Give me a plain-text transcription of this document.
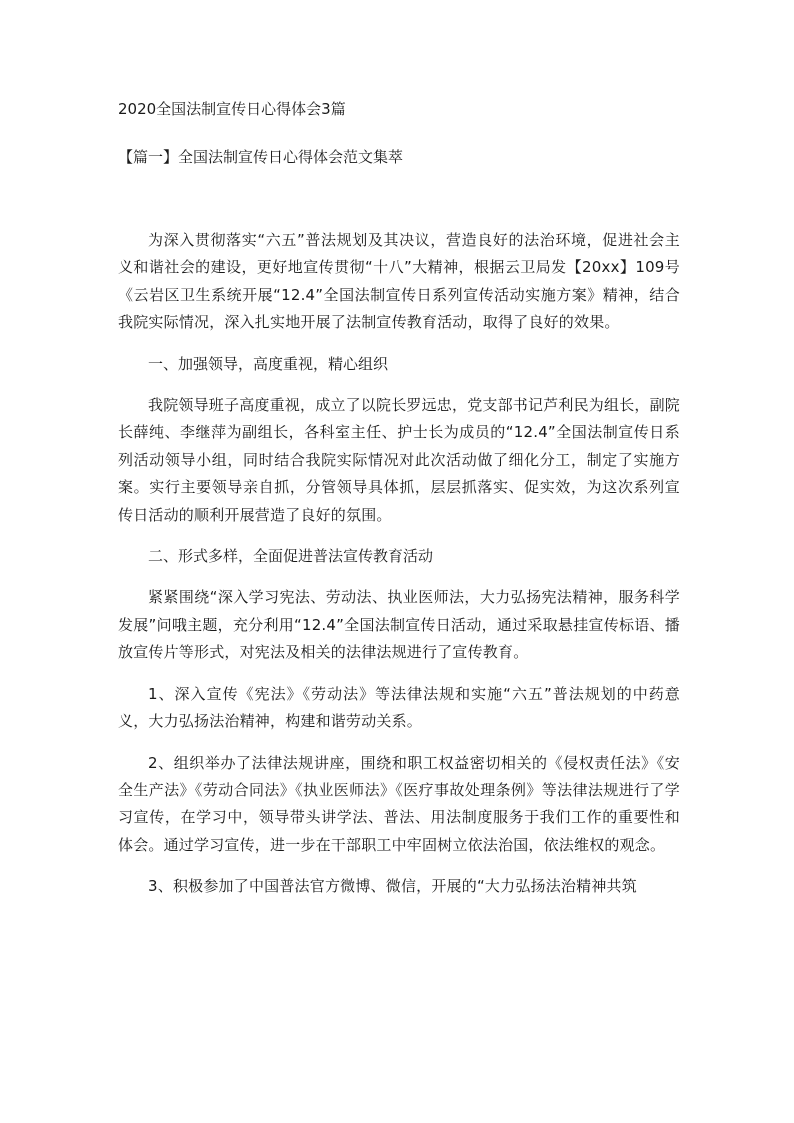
2020全国法制宣传日心得体会3篇

【篇一】全国法制宣传日心得体会范文集萃

为深入贯彻落实“六五”普法规划及其决议，营造良好的法治环境，促进社会主义和谐社会的建设，更好地宣传贯彻“十八”大精神，根据云卫局发【20xx】109号《云岩区卫生系统开展“12.4”全国法制宣传日系列宣传活动实施方案》精神，结合我院实际情况，深入扎实地开展了法制宣传教育活动，取得了良好的效果。

一、加强领导，高度重视，精心组织

我院领导班子高度重视，成立了以院长罗远忠，党支部书记芦利民为组长，副院长薛纯、李继萍为副组长，各科室主任、护士长为成员的“12.4”全国法制宣传日系列活动领导小组，同时结合我院实际情况对此次活动做了细化分工，制定了实施方案。实行主要领导亲自抓，分管领导具体抓，层层抓落实、促实效，为这次系列宣传日活动的顺利开展营造了良好的氛围。

二、形式多样，全面促进普法宣传教育活动

紧紧围绕“深入学习宪法、劳动法、执业医师法，大力弘扬宪法精神，服务科学发展”问哦主题，充分利用“12.4”全国法制宣传日活动，通过采取悬挂宣传标语、播放宣传片等形式，对宪法及相关的法律法规进行了宣传教育。

1、深入宣传《宪法》《劳动法》等法律法规和实施“六五”普法规划的中药意义，大力弘扬法治精神，构建和谐劳动关系。

2、组织举办了法律法规讲座，围绕和职工权益密切相关的《侵权责任法》《安全生产法》《劳动合同法》《执业医师法》《医疗事故处理条例》等法律法规进行了学习宣传，在学习中，领导带头讲学法、普法、用法制度服务于我们工作的重要性和体会。通过学习宣传，进一步在干部职工中牢固树立依法治国，依法维权的观念。

3、积极参加了中国普法官方微博、微信，开展的“大力弘扬法治精神共筑
